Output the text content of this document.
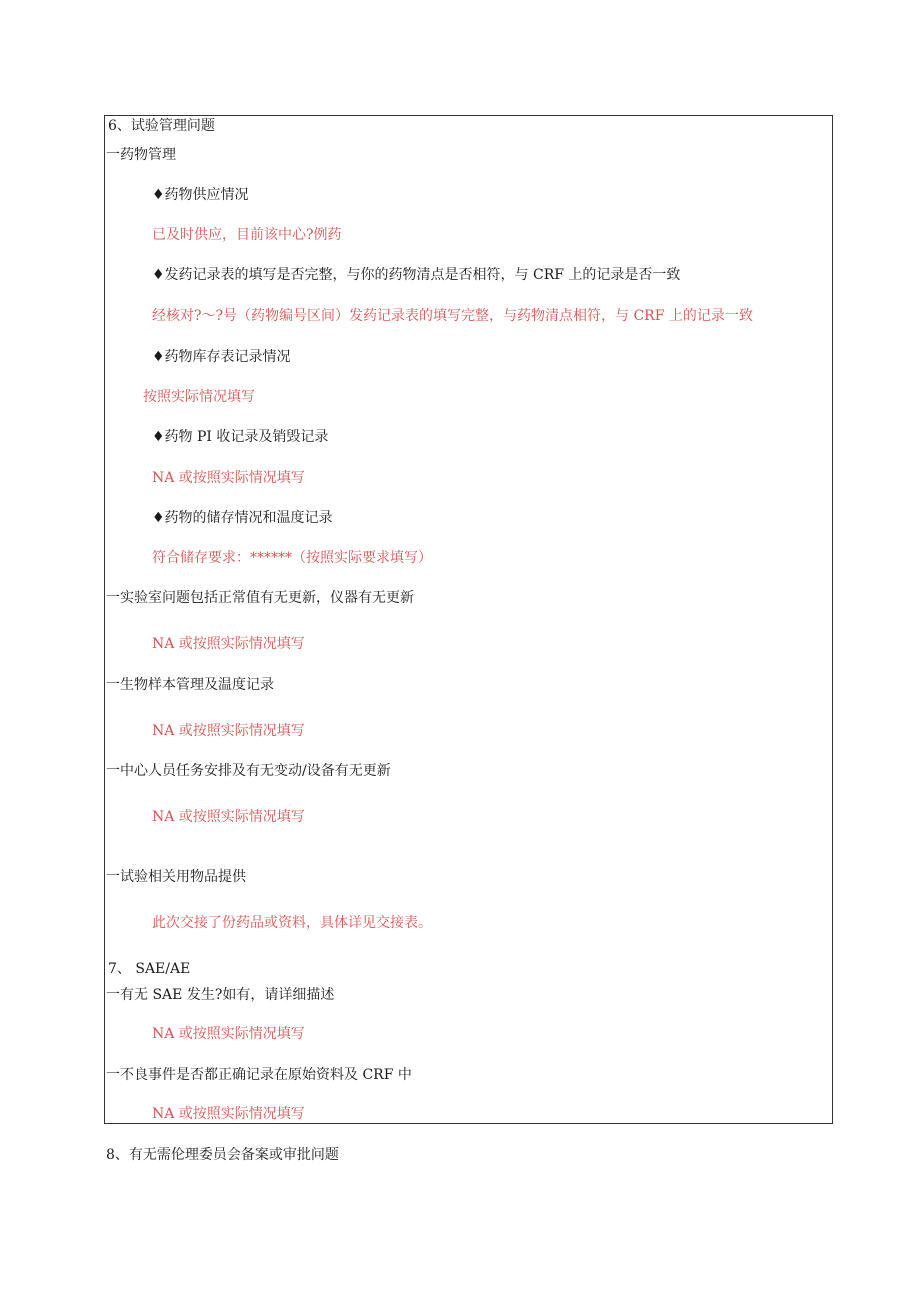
6、试验管理问题
一药物管理
♦药物供应情况
已及时供应，目前该中心?例药
♦发药记录表的填写是否完整，与你的药物清点是否相符，与 CRF 上的记录是否一致
经核对?～?号（药物编号区间）发药记录表的填写完整，与药物清点相符，与 CRF 上的记录一致
♦药物库存表记录情况
按照实际情况填写
♦药物 PI 收记录及销毁记录
NA 或按照实际情况填写
♦药物的储存情况和温度记录
符合储存要求：******（按照实际要求填写）
一实验室问题包括正常值有无更新，仪器有无更新
NA 或按照实际情况填写
一生物样本管理及温度记录
NA 或按照实际情况填写
一中心人员任务安排及有无变动/设备有无更新
NA 或按照实际情况填写
一试验相关用物品提供
此次交接了份药品或资料，具体详见交接表。
7、 SAE/AE
一有无 SAE 发生?如有，请详细描述
NA 或按照实际情况填写
一不良事件是否都正确记录在原始资料及 CRF 中
NA 或按照实际情况填写
8、有无需伦理委员会备案或审批问题
